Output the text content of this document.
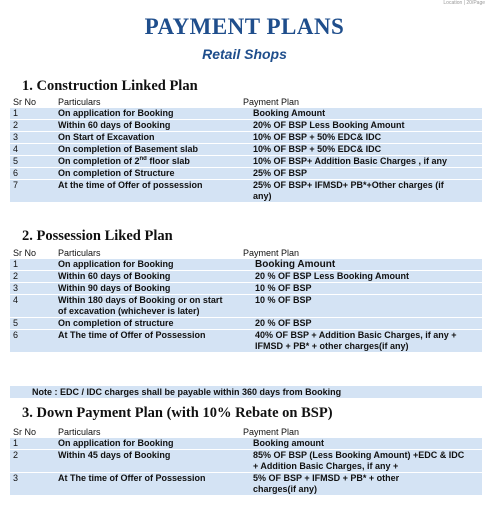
Location | 20/Page
PAYMENT PLANS
Retail Shops
1. Construction Linked Plan
Sr No	Particulars	Payment Plan
1	On application for Booking	Booking Amount
2	Within 60 days of Booking	20% OF BSP Less Booking Amount
3	On Start of Excavation	10% OF BSP + 50% EDC& IDC
4	On completion of Basement slab	10% OF BSP + 50% EDC& IDC
5	On completion of 2nd floor slab	10% OF BSP+ Addition Basic Charges , if any
6	On completion of Structure	25% OF BSP
7	At the time of Offer of possession	25% OF BSP+ IFMSD+ PB*+Other charges (if any)
2. Possession Liked Plan
Sr No	Particulars	Payment Plan
1	On application for Booking	Booking Amount
2	Within 60 days of Booking	20 % OF BSP Less Booking Amount
3	Within 90 days of Booking	10 % OF BSP
4	Within 180 days of Booking or on start of excavation (whichever is later)	10 % OF BSP
5	On completion of structure	20 % OF BSP
6	At The time of Offer of Possession	40% OF BSP + Addition Basic Charges, if any + IFMSD + PB* + other charges(if any)
Note : EDC / IDC charges shall be payable within 360 days from Booking
3. Down Payment Plan (with 10% Rebate on BSP)
Sr No	Particulars	Payment Plan
1	On application for Booking	Booking amount
2	Within 45 days of Booking	85% OF BSP (Less Booking Amount) +EDC & IDC + Addition Basic Charges, if any +
3	At The time of Offer of Possession	5% OF BSP + IFMSD + PB* + other charges(if any)
